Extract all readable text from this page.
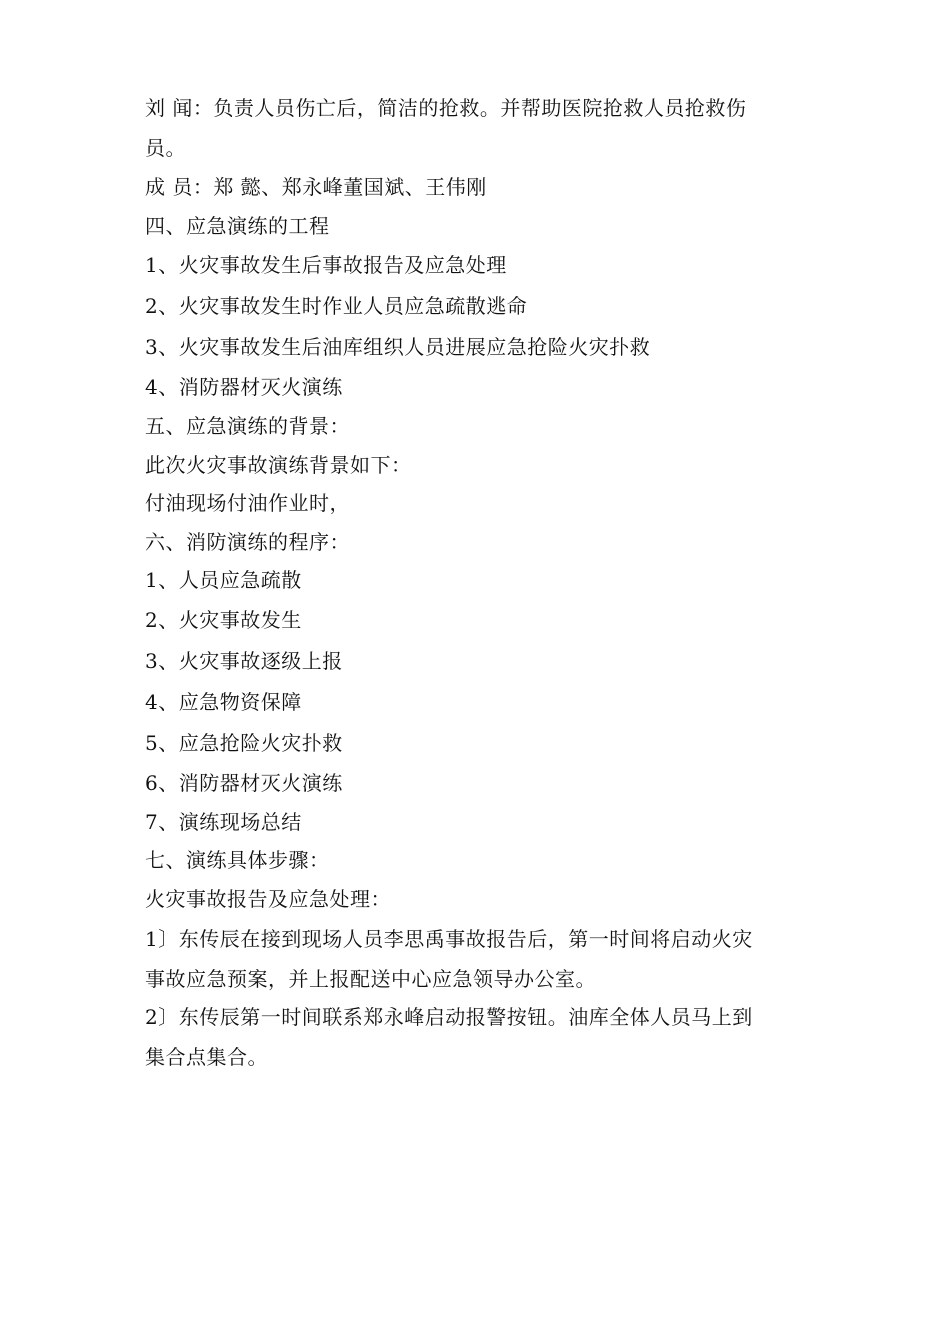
刘 闻：负责人员伤亡后，简洁的抢救。并帮助医院抢救人员抢救伤
员。
成 员：郑 懿、郑永峰董国斌、王伟刚
四、应急演练的工程
1、火灾事故发生后事故报告及应急处理
2、火灾事故发生时作业人员应急疏散逃命
3、火灾事故发生后油库组织人员进展应急抢险火灾扑救
4、消防器材灭火演练
五、应急演练的背景：
此次火灾事故演练背景如下：
付油现场付油作业时，
六、消防演练的程序：
1、人员应急疏散
2、火灾事故发生
3、火灾事故逐级上报
4、应急物资保障
5、应急抢险火灾扑救
6、消防器材灭火演练
7、演练现场总结
七、演练具体步骤：
火灾事故报告及应急处理：
1〕东传辰在接到现场人员李思禹事故报告后，第一时间将启动火灾
事故应急预案，并上报配送中心应急领导办公室。
2〕东传辰第一时间联系郑永峰启动报警按钮。油库全体人员马上到
集合点集合。
